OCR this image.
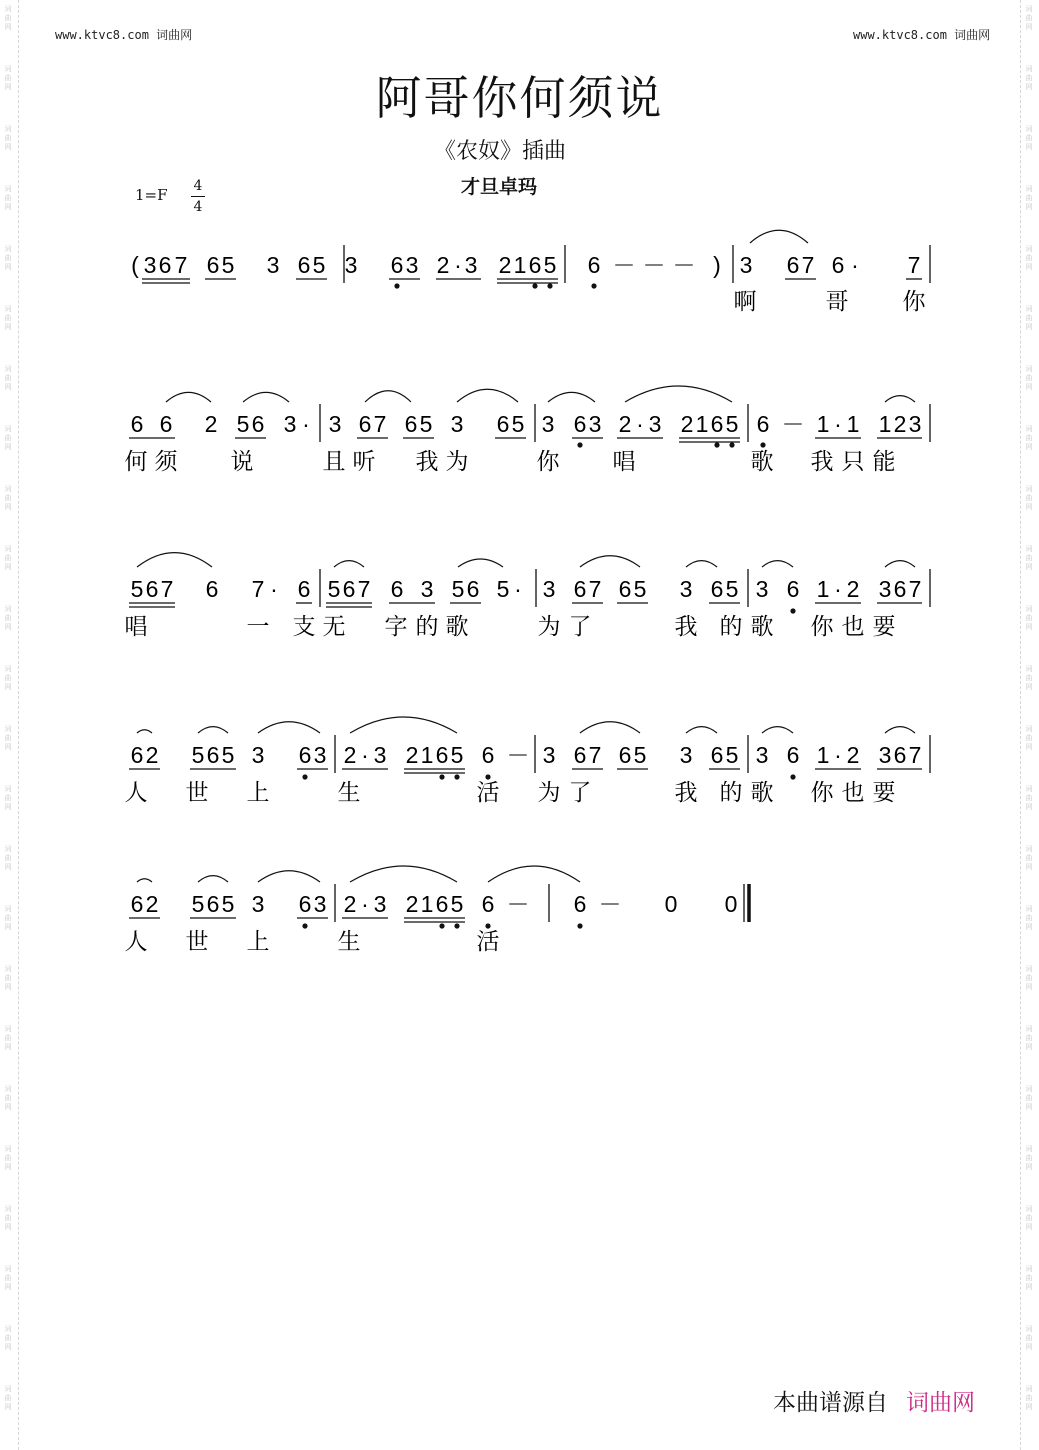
词
曲
网
词
曲
网
词
曲
网
词
曲
网
词
曲
网
词
曲
网
词
曲
网
词
曲
网
词
曲
网
词
曲
网
词
曲
网
词
曲
网
词
曲
网
词
曲
网
词
曲
网
词
曲
网
词
曲
网
词
曲
网
词
曲
网
词
曲
网
词
曲
网
词
曲
网
词
曲
网
词
曲
网
词
曲
网
词
曲
网
词
曲
网
词
曲
网
词
曲
网
词
曲
网
词
曲
网
词
曲
网
词
曲
网
词
曲
网
词
曲
网
词
曲
网
词
曲
网
词
曲
网
词
曲
网
词
曲
网
词
曲
网
词
曲
网
词
曲
网
词
曲
网
词
曲
网
词
曲
网
词
曲
网
词
曲
网
www.ktvc8.com 词曲网	www.ktvc8.com 词曲网
阿哥你何须说
《农奴》插曲
才旦卓玛
$1=F \frac{4}{4}$
( 3 6 7 6 5 3 6 5 3 6 3 2 · 3 2 1 6 5 6 － － － ) 3 6 7 6 · 7
啊	哥 你
6 6 2 5 6 3 · 3 6 7 6 5 3 6 5 3 6 3 2 · 3 2 1 6 5 6 － 1 · 1 1 2 3
何 须 说	且 听 我 为	你 唱	歌 我 只 能
5 6 7 6 7 · 6 5 6 7 6 3 5 6 5 · 3 6 7 6 5 3 6 5 3 6 1 · 2 3 6 7
唱	一 支 无 字 的 歌	为 了	我 的 歌 你 也 要
6 2 5 6 5 3 6 3 2 · 3 2 1 6 5 6 － 3 6 7 6 5 3 6 5 3 6 1 · 2 3 6 7
人 世 上	生	活 为 了	我 的 歌 你 也 要
6 2 5 6 5 3 6 3 2 · 3 2 1 6 5 6 － 6 － 0 0
人 世 上	生	活
本曲谱源自 词曲网
